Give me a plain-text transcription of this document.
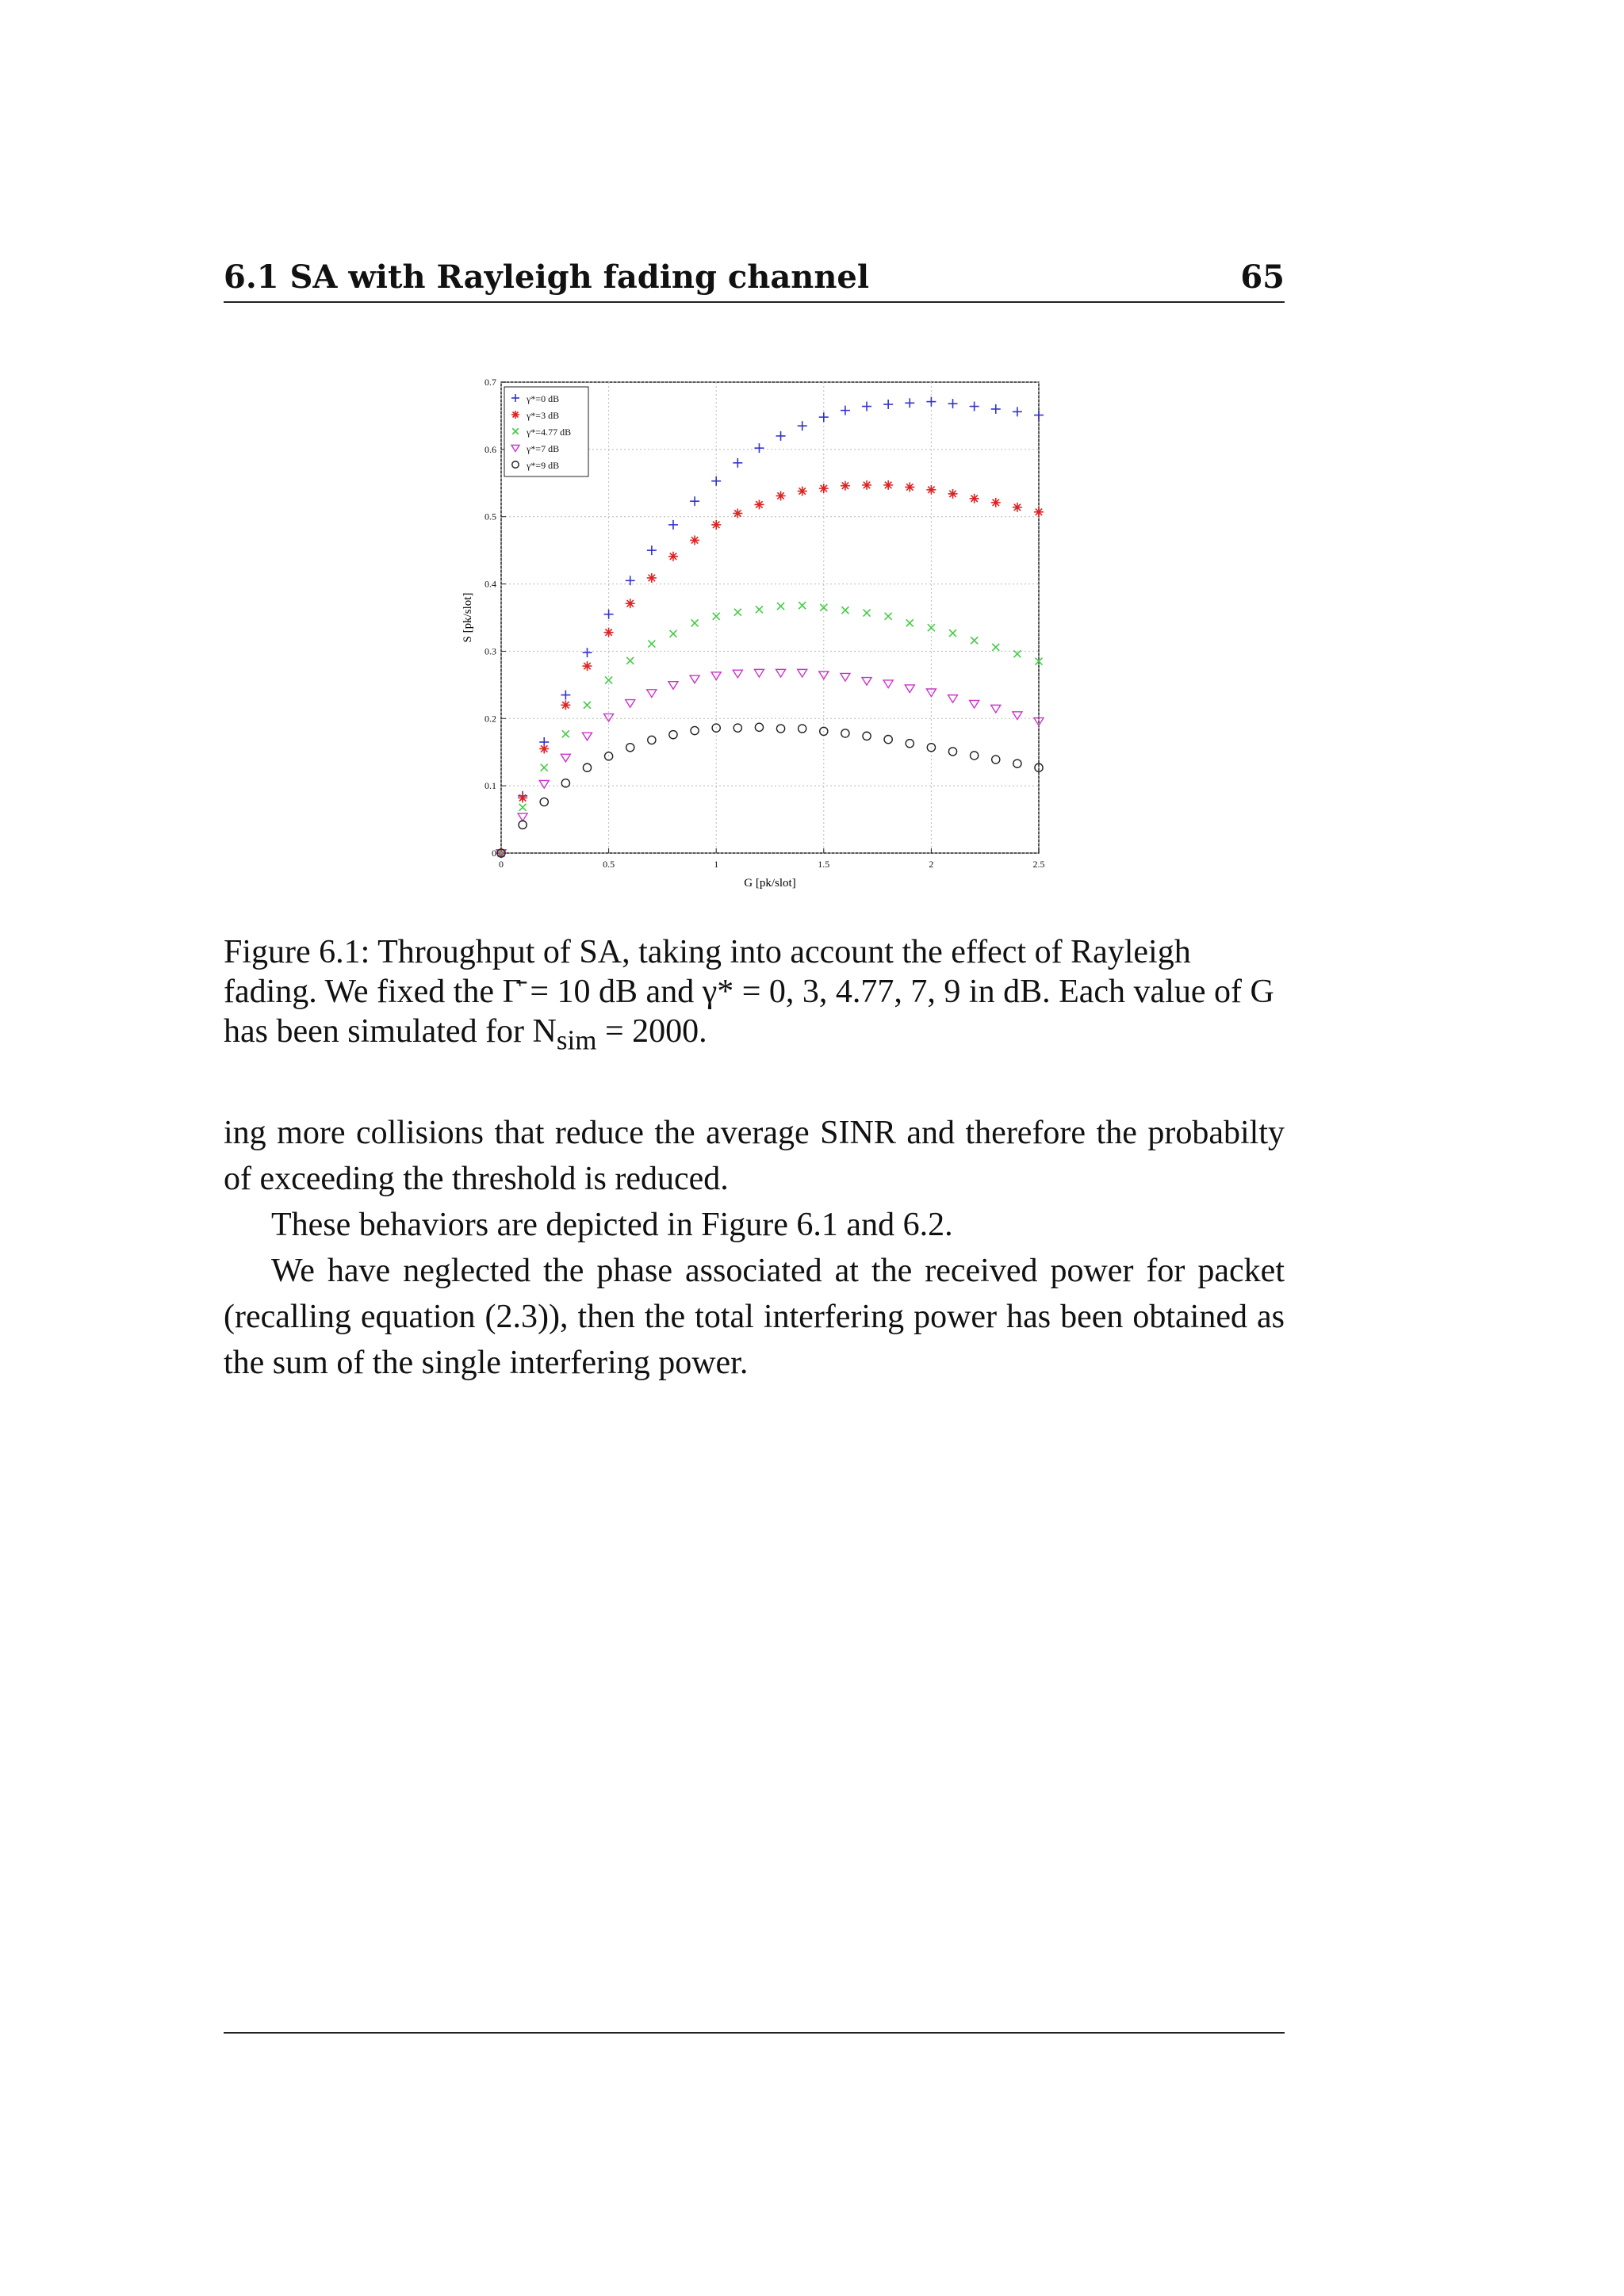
6.1 SA with Rayleigh fading channel	65
0	0.5	1	1.5	2	2.5
0
0.1
0.2
0.3
0.4
0.5
0.6
0.7
γ*=0 dB
γ*=3 dB
γ*=4.77 dB
γ*=7 dB
γ*=9 dB
G [pk/slot]
S [pk/slot]
Figure 6.1: Throughput of SA, taking into account the effect of Rayleigh fading. We fixed the Γ̄ = 10 dB and γ* = 0, 3, 4.77, 7, 9 in dB. Each value of G has been simulated for $N_{sim} = 2000$.

ing more collisions that reduce the average SINR and therefore the probabilty of exceeding the threshold is reduced.

These behaviors are depicted in Figure 6.1 and 6.2.

We have neglected the phase associated at the received power for packet (recalling equation (2.3)), then the total interfering power has been obtained as the sum of the single interfering power.
